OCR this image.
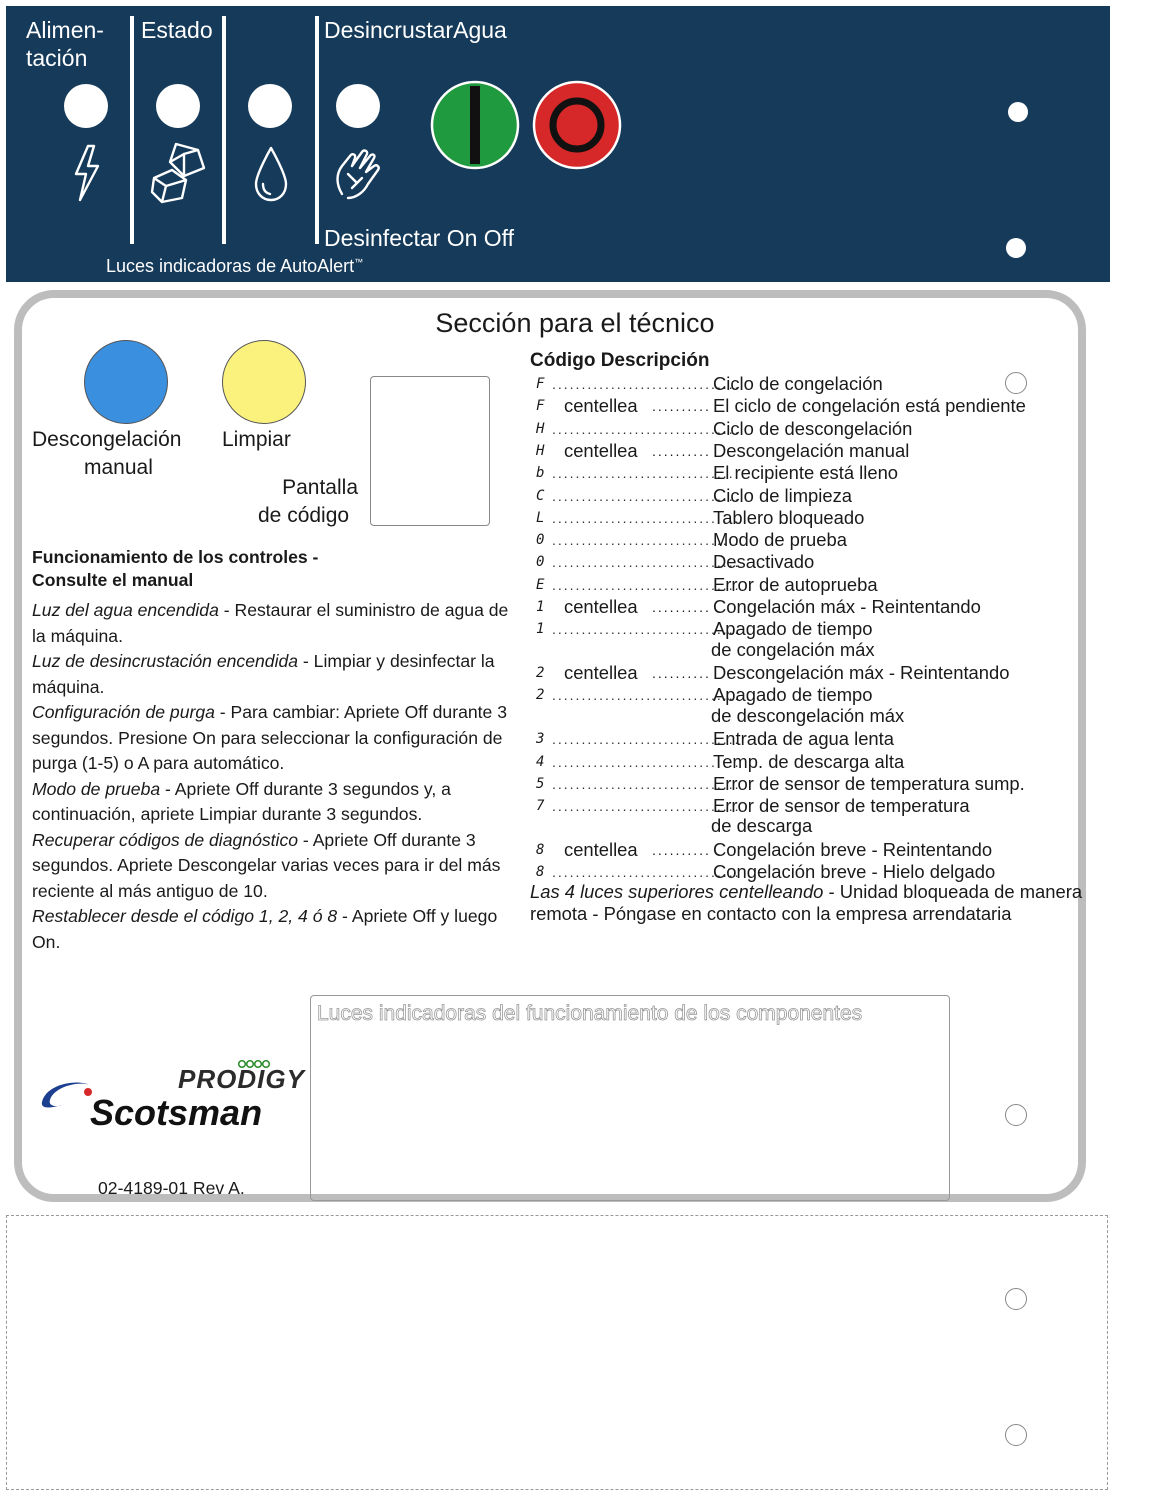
Alimen-
tación
Estado	DesincrustarAgua
Desinfectar On Off
Luces indicadoras de AutoAlert™
Sección para el técnico
Descongelación
manual
Limpiar
Pantalla
de código
Funcionamiento de los controles -
Consulte el manual

Luz del agua encendida - Restaurar el suministro de agua de la máquina.

Luz de desincrustación encendida - Limpiar y desinfectar la máquina.

Configuración de purga - Para cambiar: Apriete Off durante 3 segundos. Presione On para seleccionar la configuración de purga (1-5) o A para automático.

Modo de prueba - Apriete Off durante 3 segundos y, a continuación, apriete Limpiar durante 3 segundos.

Recuperar códigos de diagnóstico - Apriete Off durante 3 segundos. Apriete Descongelar varias veces para ir del más reciente al más antiguo de 10.

Restablecer desde el código 1, 2, 4 ó 8 - Apriete Off y luego On.

Código Descripción
F ................................
Ciclo de congelación
F centellea .......... El ciclo de congelación está pendiente
H ................................
Ciclo de descongelación
H centellea .......... Descongelación manual
b ................................
El recipiente está lleno
C ................................
Ciclo de limpieza
L ................................
Tablero bloqueado
0 ................................
Modo de prueba
0 ................................
Desactivado
E ................................
Error de autoprueba
1 centellea .......... Congelación máx - Reintentando
1 ................................
Apagado de tiempo
de congelación máx
2 centellea .......... Descongelación máx - Reintentando
2 ................................
Apagado de tiempo
de descongelación máx
3 ................................
Entrada de agua lenta
4 ................................
Temp. de descarga alta
5 ................................
Error de sensor de temperatura sump.
7 ................................
Error de sensor de temperatura
de descarga
8 centellea .......... Congelación breve - Reintentando
8 ................................
Congelación breve - Hielo delgado
Las 4 luces superiores centelleando - Unidad bloqueada de manera remota - Póngase en contacto con la empresa arrendataria
Luces indicadoras del funcionamiento de los componentes
PRODIGY
Scotsman
02-4189-01 Rev A.
